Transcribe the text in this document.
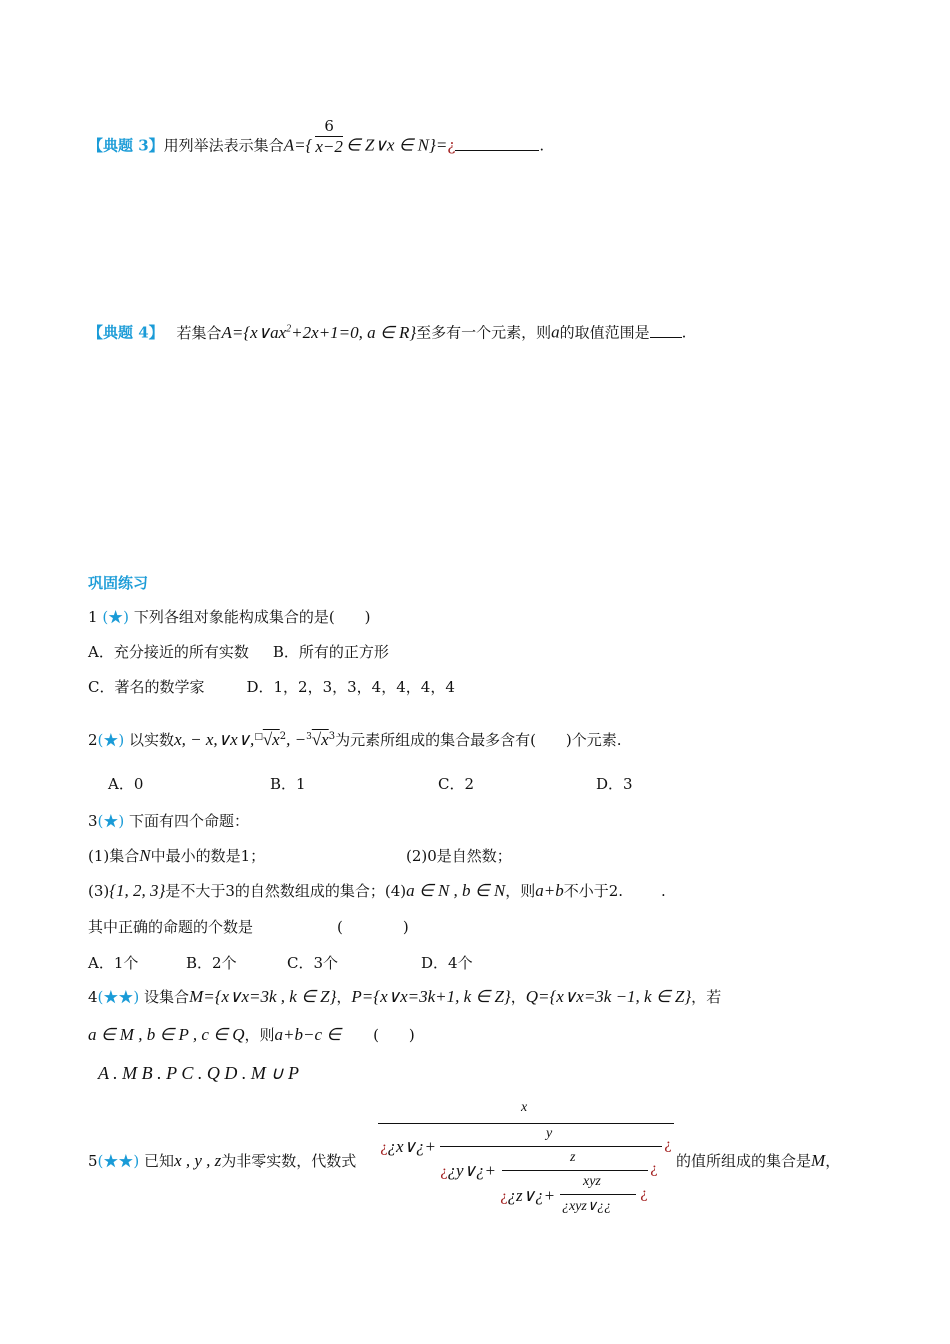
【典题 3】用列举法表示集合$A=\{ \frac{6}{x-2}$ ∈ Z∨x ∈ N}=¿	.
【典题 4】 若集合$A=\{x\vee ax^2+2x+1=0$, a ∈ R}至多有一个元素，则a的取值范围是 .
巩固练习
1 (★) 下列各组对象能构成集合的是(　　)
A．充分接近的所有实数 B．所有的正方形
C．著名的数学家	D．1，2，3，3，4，4，4，4
2(★) 以实数x, − $x,\vee x\vee,^□√x^2$, $-^3√x^3$为元素所组成的集合最多含有(　　)个元素.
A．0	B．1	C．2	D．3
3(★) 下面有四个命题：
(1)集合N中最小的数是1；	(2)0是自然数；
(3){1, 2, 3}是不大于3的自然数组成的集合；(4)a ∈ N , b ∈ N，则a+b不小于2.	.
其中正确的命题的个数是	(　　　　)
A．1个	B．2个	C．3个	D．4个
4(★★) 设集合M={x∨x=3k , k ∈ Z}，P={x∨x=3k+1, k ∈ Z}，Q={x∨x=3k −1, k ∈ Z}，若
a ∈ M , b ∈ P , c ∈ Q，则a+b−c ∈ (　　)
A . M B . P C . Q D . M ∪ P
5(★★) 已知x , y , z为非零实数，代数式	的值所组成的集合是M，
x
¿¿x∨¿+
y
¿
¿¿y∨¿+
z
¿
¿¿z∨¿+
xyz
¿
¿xyz∨¿¿
